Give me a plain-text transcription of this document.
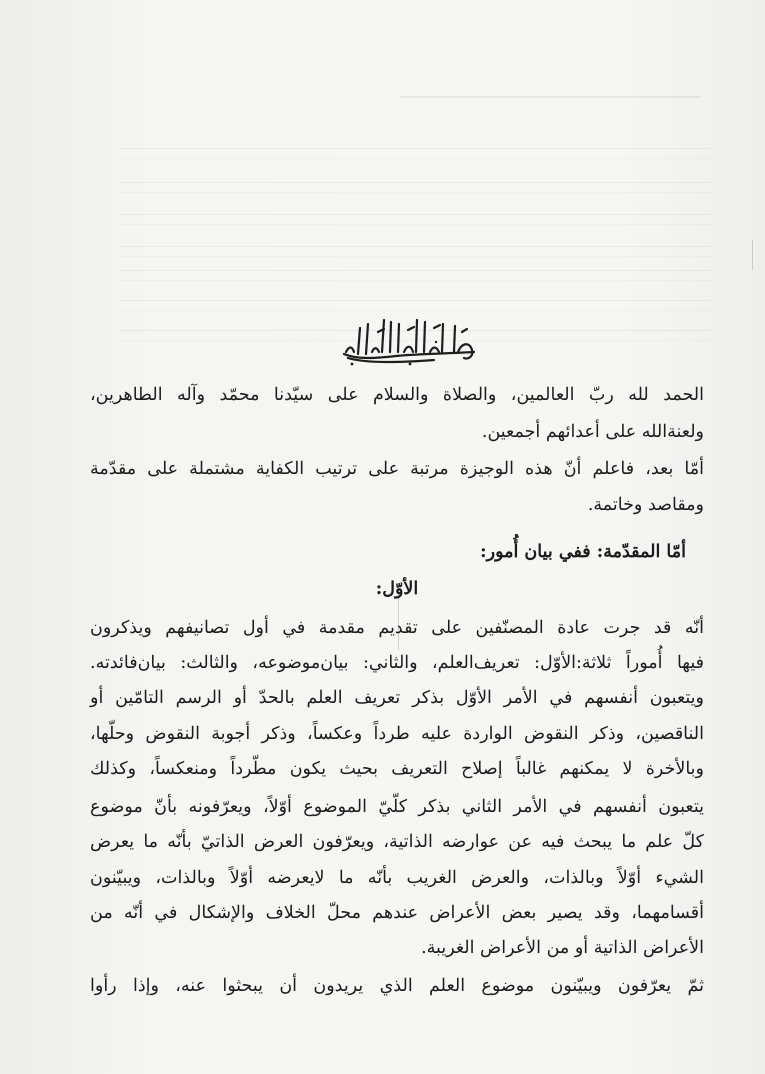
الحمد لله ربّ العالمين، والصلاة والسلام على سيّدنا محمّد وآله الطاهرين،
ولعنةالله على أعدائهم أجمعين.
أمّا بعد، فاعلم أنّ هذه الوجيزة مرتبة على ترتيب الكفاية مشتملة على مقدّمة
ومقاصد وخاتمة.
أمّا المقدّمة: ففي بيان أُمور:
الأوّل:
أنّه قد جرت عادة المصنّفين على تقديم مقدمة في أول تصانيفهم ويذكرون
فيها أُموراً ثلاثة:الأوّل: تعريف‌العلم، والثاني: بيان‌موضوعه، والثالث: بيان‌فائدته.
ويتعبون أنفسهم في الأمر الأوّل بذكر تعريف العلم بالحدّ أو الرسم التامّين أو
الناقصين، وذكر النقوض الواردة عليه طرداً وعكساً، وذكر أجوبة النقوض وحلّها،
وبالأخرة لا يمكنهم غالباً إصلاح التعريف بحيث يكون مطّرداً ومنعكساً، وكذلك
يتعبون أنفسهم في الأمر الثاني بذكر كلّيّ الموضوع أوّلاً، ويعرّفونه بأنّ موضوع
كلّ علم ما يبحث فيه عن عوارضه الذاتية، ويعرّفون العرض الذاتيّ بأنّه ما يعرض
الشيء أوّلاً وبالذات، والعرض الغريب بأنّه ما لايعرضه أوّلاً وبالذات، ويبيّنون
أقسامهما، وقد يصير بعض الأعراض عندهم محلّ الخلاف والإشكال في أنّه من
الأعراض الذاتية أو من الأعراض الغريبة.
ثمّ يعرّفون ويبيّنون موضوع العلم الذي يريدون أن يبحثوا عنه، وإذا رأوا
